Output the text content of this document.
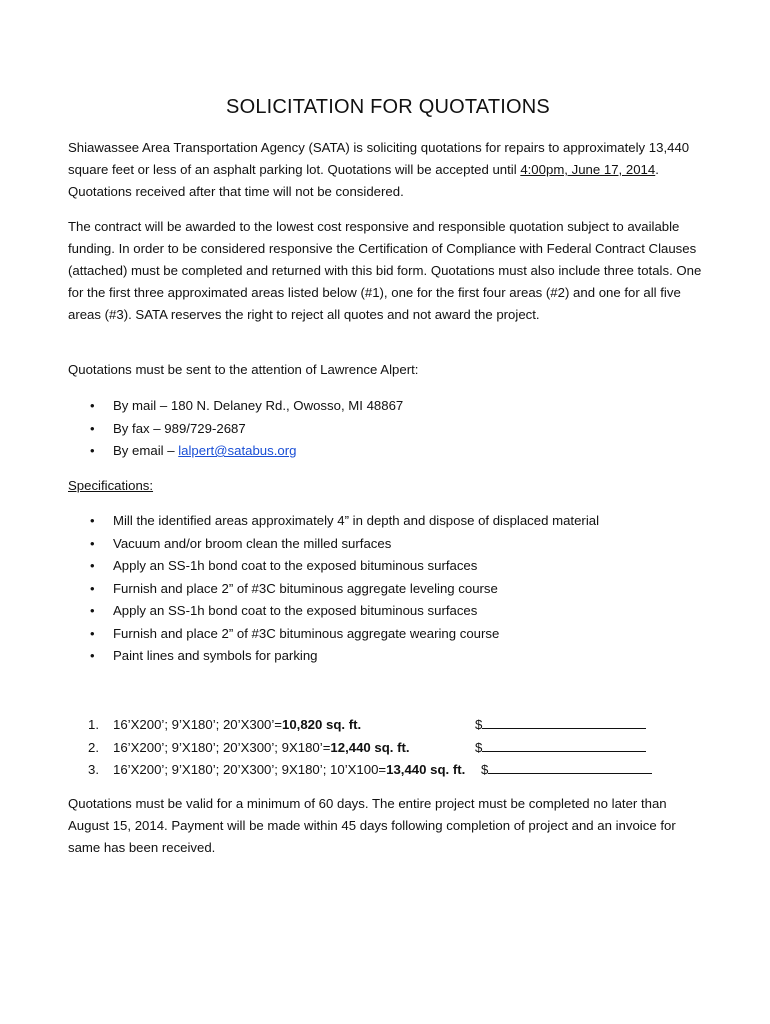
SOLICITATION FOR QUOTATIONS
Shiawassee Area Transportation Agency (SATA) is soliciting quotations for repairs to approximately 13,440 square feet or less of an asphalt parking lot. Quotations will be accepted until 4:00pm, June 17, 2014. Quotations received after that time will not be considered.
The contract will be awarded to the lowest cost responsive and responsible quotation subject to available funding. In order to be considered responsive the Certification of Compliance with Federal Contract Clauses (attached) must be completed and returned with this bid form. Quotations must also include three totals. One for the first three approximated areas listed below (#1), one for the first four areas (#2) and one for all five areas (#3). SATA reserves the right to reject all quotes and not award the project.
Quotations must be sent to the attention of Lawrence Alpert:
• By mail – 180 N. Delaney Rd., Owosso, MI 48867
• By fax – 989/729-2687
• By email – lalpert@satabus.org
Specifications:
• Mill the identified areas approximately 4” in depth and dispose of displaced material
• Vacuum and/or broom clean the milled surfaces
• Apply an SS-1h bond coat to the exposed bituminous surfaces
• Furnish and place 2” of #3C bituminous aggregate leveling course
• Apply an SS-1h bond coat to the exposed bituminous surfaces
• Furnish and place 2” of #3C bituminous aggregate wearing course
• Paint lines and symbols for parking
1. 16’X200’; 9’X180’; 20’X300’=10,820 sq. ft.	$
2. 16’X200’; 9’X180’; 20’X300’; 9X180’=12,440 sq. ft.	$
3. 16’X200’; 9’X180’; 20’X300’; 9X180’; 10’X100=13,440 sq. ft. $
Quotations must be valid for a minimum of 60 days. The entire project must be completed no later than August 15, 2014. Payment will be made within 45 days following completion of project and an invoice for same has been received.
